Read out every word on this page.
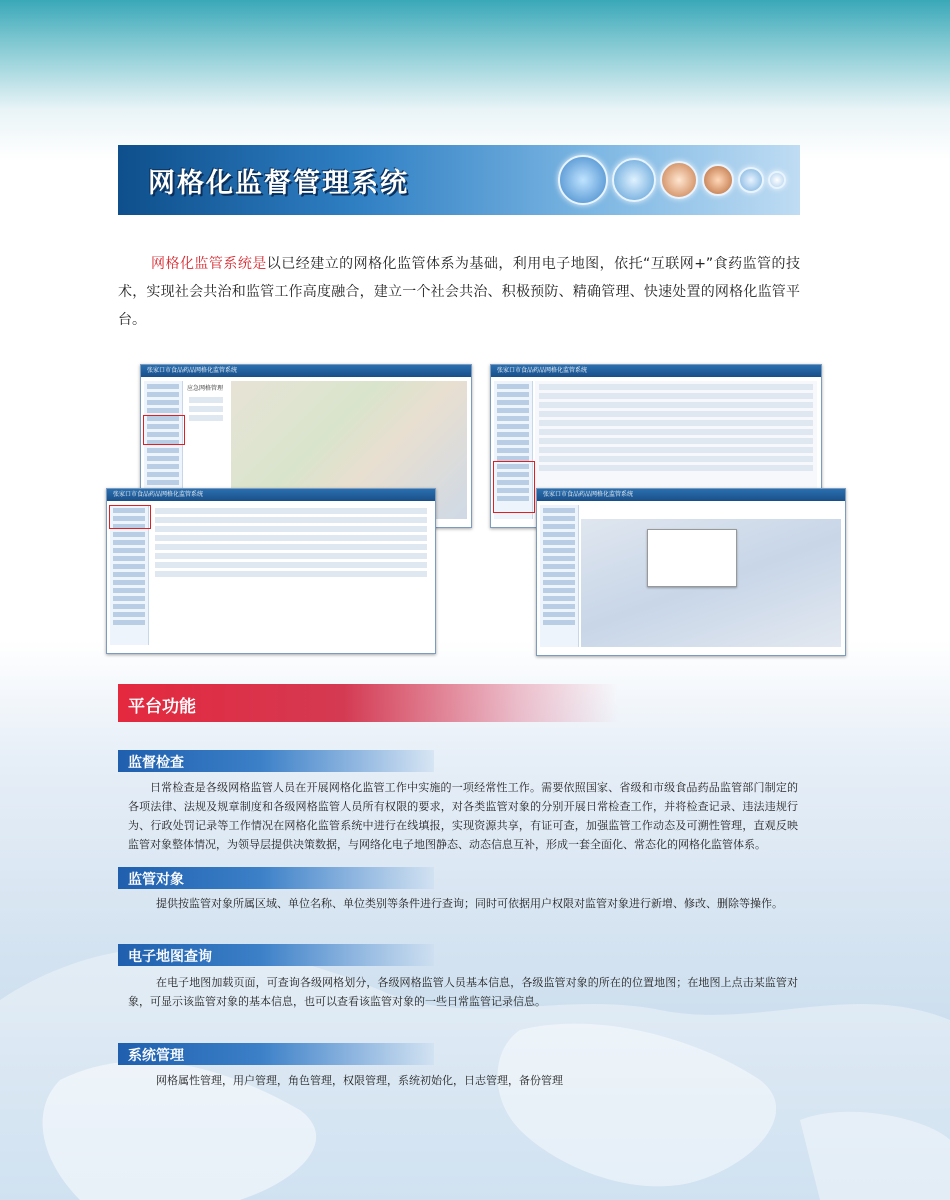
网格化监督管理系统
网格化监管系统是以已经建立的网格化监管体系为基础，利用电子地图，依托“互联网+”食药监管的技术，实现社会共治和监管工作高度融合，建立一个社会共治、积极预防、精确管理、快速处置的网格化监管平台。
张家口市食品药品网格化监管系统
应急网格管理
张家口市食品药品网格化监管系统
张家口市食品药品网格化监管系统	张家口市食品药品网格化监管系统
平台功能
监督检查
日常检查是各级网格监管人员在开展网格化监管工作中实施的一项经常性工作。需要依照国家、省级和市级食品药品监管部门制定的各项法律、法规及规章制度和各级网格监管人员所有权限的要求，对各类监管对象的分别开展日常检查工作，并将检查记录、违法违规行为、行政处罚记录等工作情况在网格化监管系统中进行在线填报，实现资源共享，有证可查，加强监管工作动态及可溯性管理，直观反映监管对象整体情况，为领导层提供决策数据，与网络化电子地图静态、动态信息互补，形成一套全面化、常态化的网格化监管体系。
监管对象
提供按监管对象所属区域、单位名称、单位类别等条件进行查询；同时可依据用户权限对监管对象进行新增、修改、删除等操作。
电子地图查询
在电子地图加载页面，可查询各级网格划分，各级网格监管人员基本信息，各级监管对象的所在的位置地图；在地图上点击某监管对象，可显示该监管对象的基本信息，也可以查看该监管对象的一些日常监管记录信息。
系统管理
网格属性管理，用户管理，角色管理，权限管理，系统初始化，日志管理，备份管理
